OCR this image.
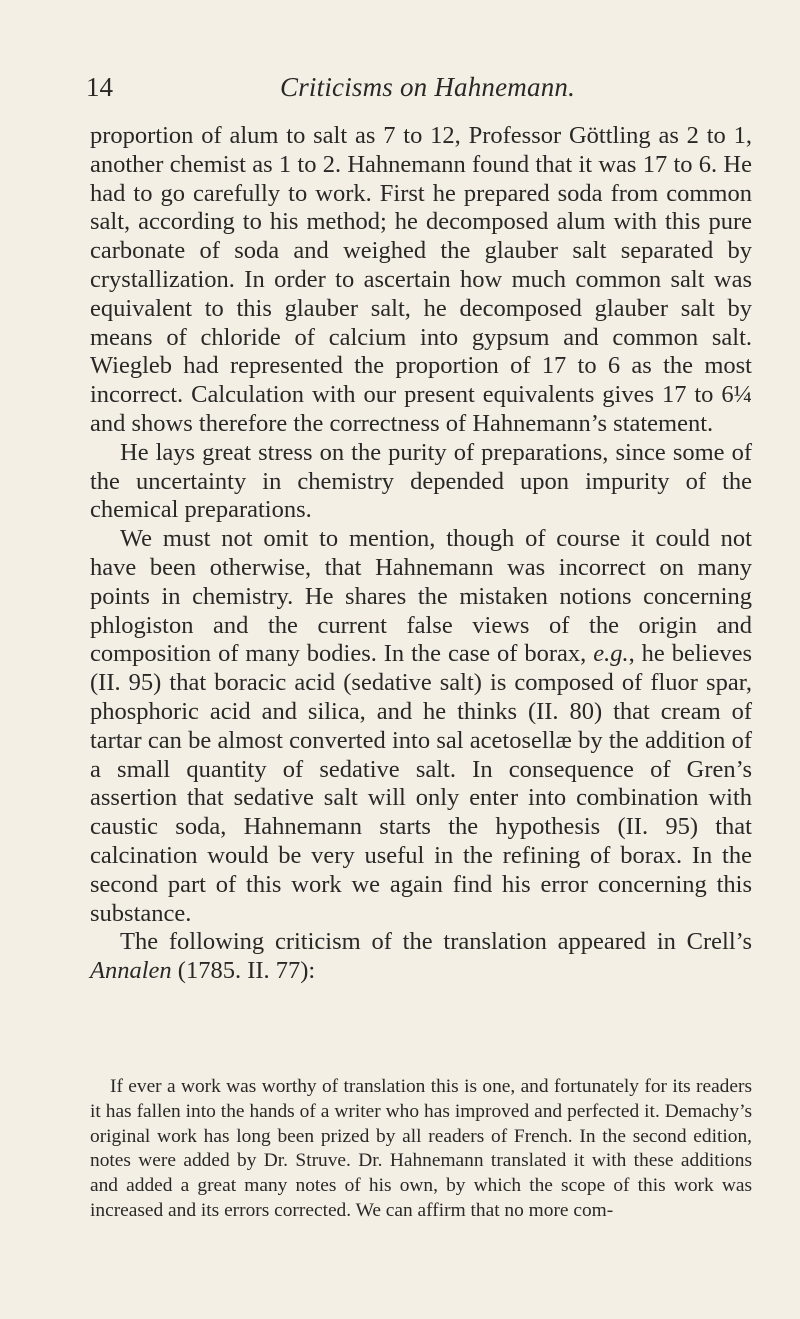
14	Criticisms on Hahnemann.

proportion of alum to salt as 7 to 12, Professor Göttling as 2 to 1, another chemist as 1 to 2. Hahnemann found that it was 17 to 6. He had to go carefully to work. First he prepared soda from common salt, according to his method; he decomposed alum with this pure carbonate of soda and weighed the glauber salt separated by crystallization. In order to ascertain how much common salt was equivalent to this glauber salt, he decomposed glauber salt by means of chloride of calcium into gypsum and common salt. Wiegleb had represented the proportion of 17 to 6 as the most incorrect. Calculation with our present equivalents gives 17 to 6¼ and shows therefore the correctness of Hahnemann’s statement.

He lays great stress on the purity of preparations, since some of the uncertainty in chemistry depended upon impurity of the chemical preparations.

We must not omit to mention, though of course it could not have been otherwise, that Hahnemann was incorrect on many points in chemistry. He shares the mistaken notions concerning phlogiston and the current false views of the origin and composition of many bodies. In the case of borax, e.g., he believes (II. 95) that boracic acid (sedative salt) is composed of fluor spar, phosphoric acid and silica, and he thinks (II. 80) that cream of tartar can be almost converted into sal acetosellæ by the addition of a small quantity of sedative salt. In consequence of Gren’s assertion that sedative salt will only enter into combination with caustic soda, Hahnemann starts the hypothesis (II. 95) that calcination would be very useful in the refining of borax. In the second part of this work we again find his error concerning this substance.

The following criticism of the translation appeared in Crell’s Annalen (1785. II. 77):

If ever a work was worthy of translation this is one, and fortunately for its readers it has fallen into the hands of a writer who has improved and perfected it. Demachy’s original work has long been prized by all readers of French. In the second edition, notes were added by Dr. Struve. Dr. Hahnemann translated it with these additions and added a great many notes of his own, by which the scope of this work was increased and its errors corrected. We can affirm that no more com-
